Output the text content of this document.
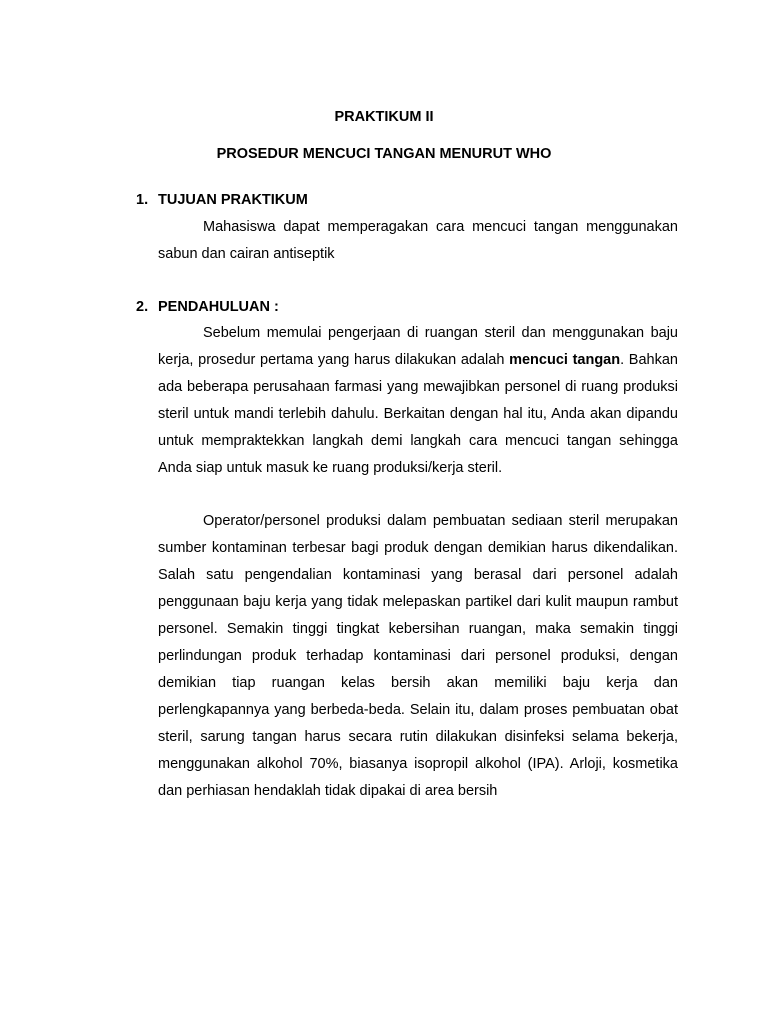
PRAKTIKUM II
PROSEDUR MENCUCI TANGAN MENURUT WHO
1. TUJUAN PRAKTIKUM
Mahasiswa dapat memperagakan cara mencuci tangan menggunakan sabun dan cairan antiseptik
2. PENDAHULUAN :
Sebelum memulai pengerjaan di ruangan steril dan menggunakan baju kerja, prosedur pertama yang harus dilakukan adalah mencuci tangan. Bahkan ada beberapa perusahaan farmasi yang mewajibkan personel di ruang produksi steril untuk mandi terlebih dahulu. Berkaitan dengan hal itu, Anda akan dipandu untuk mempraktekkan langkah demi langkah cara mencuci tangan sehingga Anda siap untuk masuk ke ruang produksi/kerja steril.
Operator/personel produksi dalam pembuatan sediaan steril merupakan sumber kontaminan terbesar bagi produk dengan demikian harus dikendalikan. Salah satu pengendalian kontaminasi yang berasal dari personel adalah penggunaan baju kerja yang tidak melepaskan partikel dari kulit maupun rambut personel. Semakin tinggi tingkat kebersihan ruangan, maka semakin tinggi perlindungan produk terhadap kontaminasi dari personel produksi, dengan demikian tiap ruangan kelas bersih akan memiliki baju kerja dan perlengkapannya yang berbeda-beda. Selain itu, dalam proses pembuatan obat steril, sarung tangan harus secara rutin dilakukan disinfeksi selama bekerja, menggunakan alkohol 70%, biasanya isopropil alkohol (IPA). Arloji, kosmetika dan perhiasan hendaklah tidak dipakai di area bersih
